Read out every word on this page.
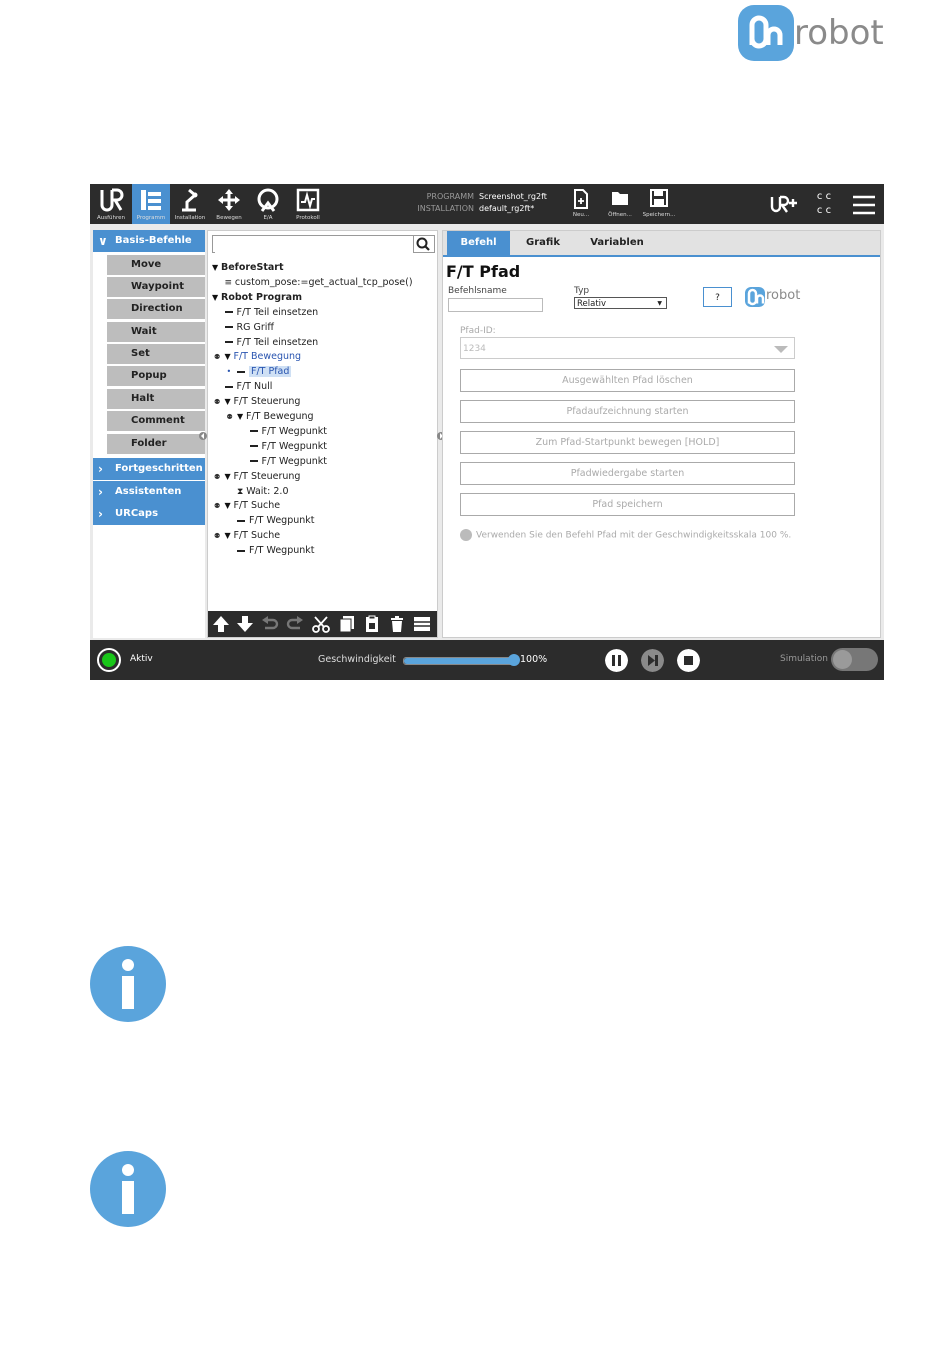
robot
Ausführen	Programm	Installation	Bewegen	E/A	Protokoll
PROGRAMM
INSTALLATION
Screenshot_rg2ft
default_rg2ft*
Neu...	Öffnen...	Speichern...
c c
c c
∨ Basis-Befehle
Move
Waypoint
Direction
Wait
Set
Popup
Halt
Comment
Folder
› Fortgeschritten
› Assistenten
› URCaps
▼ BeforeStart
≡ custom_pose:=get_actual_tcp_pose()
▼ Robot Program
F/T Teil einsetzen
RG Griff
F/T Teil einsetzen
⚉ ▼ F/T Bewegung
• F/T Pfad
F/T Null
⚉ ▼ F/T Steuerung
⚉ ▼ F/T Bewegung
F/T Wegpunkt
F/T Wegpunkt
F/T Wegpunkt
⚉ ▼ F/T Steuerung
⧗ Wait: 2.0
⚉ ▼ F/T Suche
F/T Wegpunkt
⚉ ▼ F/T Suche
F/T Wegpunkt
Befehl	Grafik	Variablen
F/T Pfad
Befehlsname	Typ
Relativ	▼
?	robot
Pfad-ID:
1234
Ausgewählten Pfad löschen
Pfadaufzeichnung starten
Zum Pfad-Startpunkt bewegen [HOLD]
Pfadwiedergabe starten
Pfad speichern
Verwenden Sie den Befehl Pfad mit der Geschwindigkeitsskala 100 %.
Aktiv	Geschwindigkeit	100%	Simulation
